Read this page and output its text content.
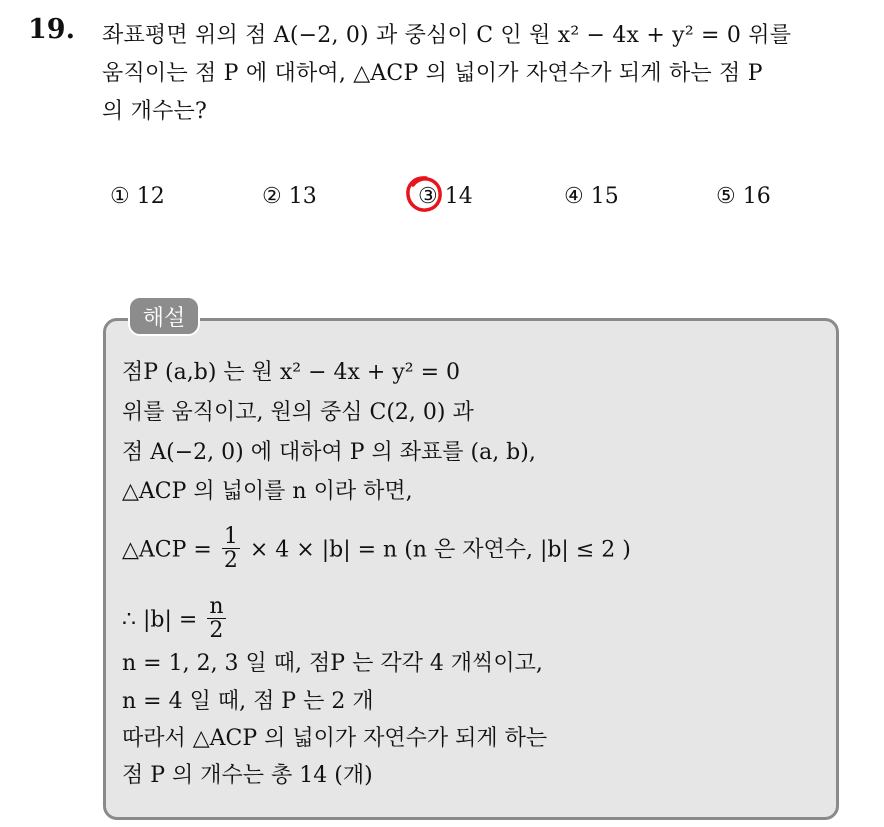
19. 좌표평면 위의 점 A(−2, 0) 과 중심이 C 인 원 x² − 4x + y² = 0 위를
움직이는 점 P 에 대하여, △ACP 의 넓이가 자연수가 되게 하는 점 P
의 개수는?
① 12	② 13	③ 14	④ 15	⑤ 16
해설
점P (a,b) 는 원 x² − 4x + y² = 0
위를 움직이고, 원의 중심 C(2, 0) 과
점 A(−2, 0) 에 대하여 P 의 좌표를 (a, b),
△ACP 의 넓이를 n 이라 하면,
△ACP = $\frac{1}{2} \times 4 \times |b| = n$ (n 은 자연수, |b| ≤ 2 )
∴ $|b| = \frac{n}{2}$
n = 1, 2, 3 일 때, 점P 는 각각 4 개씩이고,
n = 4 일 때, 점 P 는 2 개
따라서 △ACP 의 넓이가 자연수가 되게 하는
점 P 의 개수는 총 14 (개)
